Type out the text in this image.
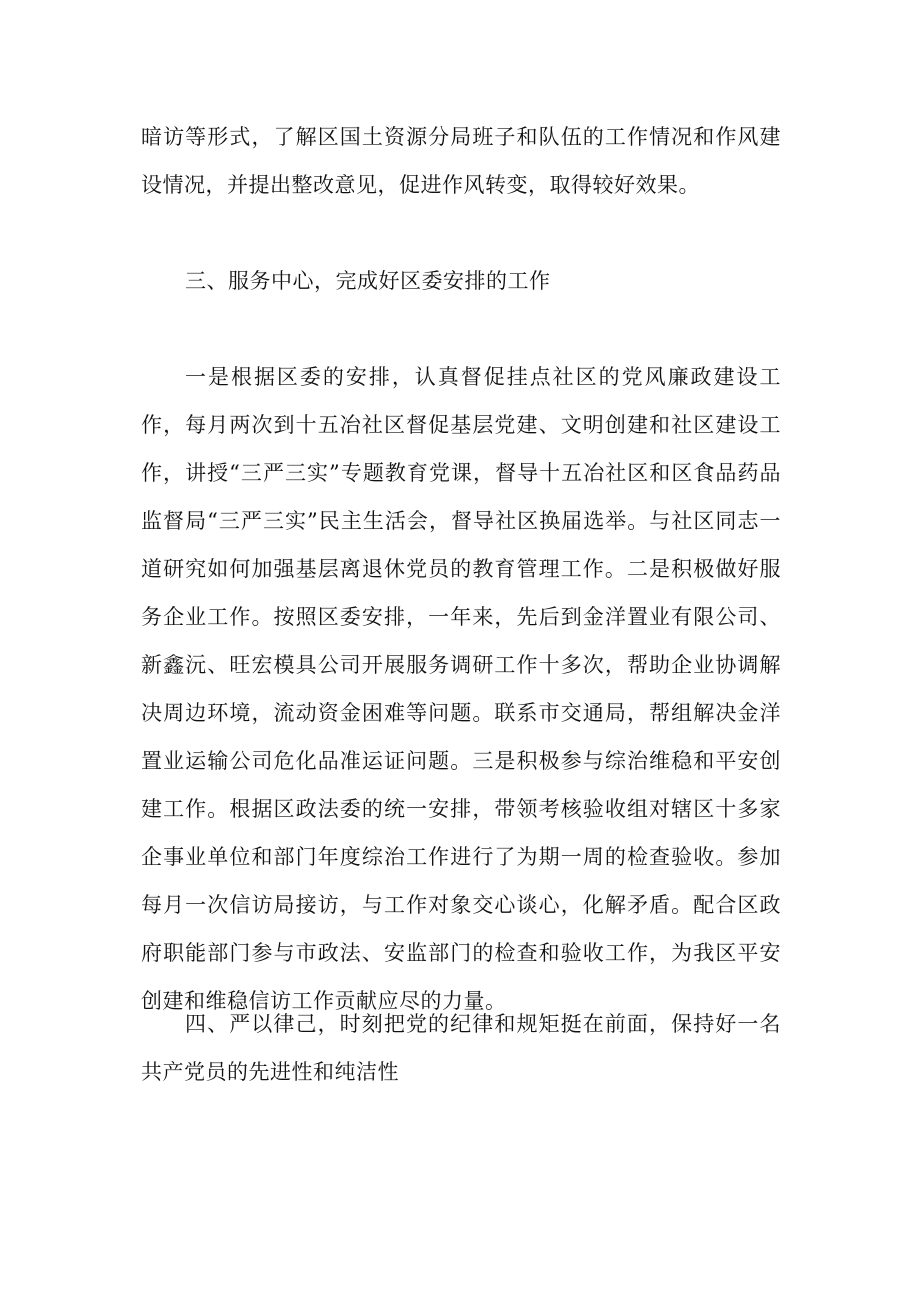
暗访等形式，了解区国土资源分局班子和队伍的工作情况和作风建设情况，并提出整改意见，促进作风转变，取得较好效果。

三、服务中心，完成好区委安排的工作

一是根据区委的安排，认真督促挂点社区的党风廉政建设工作，每月两次到十五冶社区督促基层党建、文明创建和社区建设工作，讲授“三严三实”专题教育党课，督导十五冶社区和区食品药品监督局“三严三实”民主生活会，督导社区换届选举。与社区同志一道研究如何加强基层离退休党员的教育管理工作。二是积极做好服务企业工作。按照区委安排，一年来，先后到金洋置业有限公司、新鑫沅、旺宏模具公司开展服务调研工作十多次，帮助企业协调解决周边环境，流动资金困难等问题。联系市交通局，帮组解决金洋置业运输公司危化品准运证问题。三是积极参与综治维稳和平安创建工作。根据区政法委的统一安排，带领考核验收组对辖区十多家企事业单位和部门年度综治工作进行了为期一周的检查验收。参加每月一次信访局接访，与工作对象交心谈心，化解矛盾。配合区政府职能部门参与市政法、安监部门的检查和验收工作，为我区平安创建和维稳信访工作贡献应尽的力量。

四、严以律己，时刻把党的纪律和规矩挺在前面，保持好一名共产党员的先进性和纯洁性
